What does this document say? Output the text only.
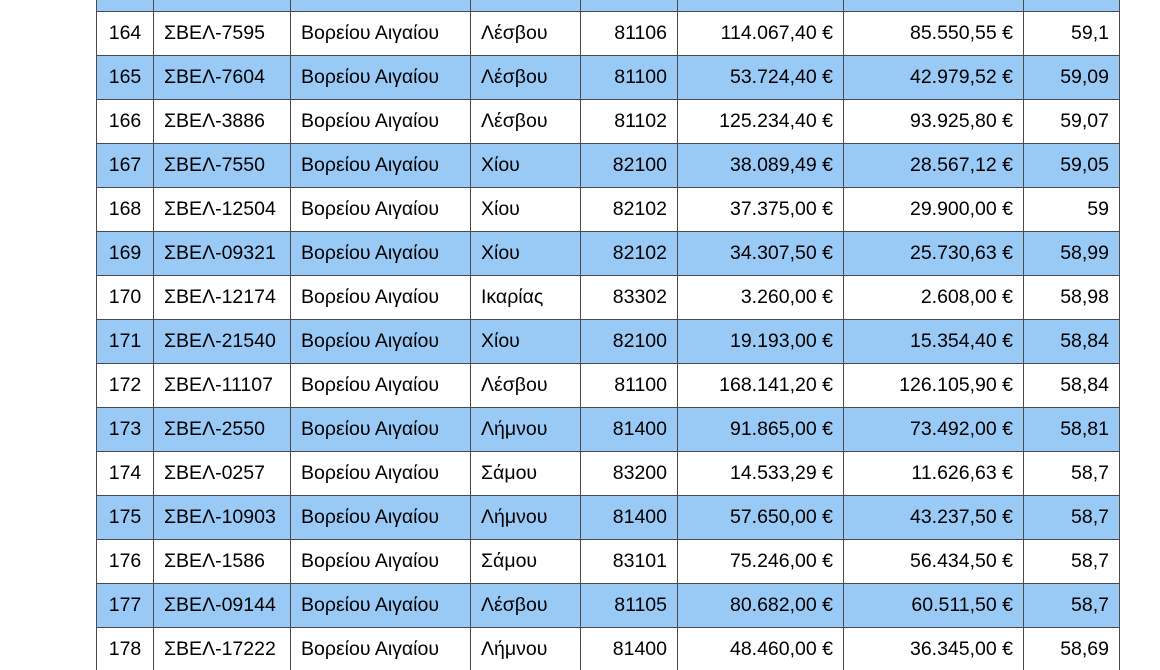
164	ΣΒΕΛ-7595	Βορείου Αιγαίου	Λέσβου	81106	114.067,40 €	85.550,55 €	59,1
165	ΣΒΕΛ-7604	Βορείου Αιγαίου	Λέσβου	81100	53.724,40 €	42.979,52 €	59,09
166	ΣΒΕΛ-3886	Βορείου Αιγαίου	Λέσβου	81102	125.234,40 €	93.925,80 €	59,07
167	ΣΒΕΛ-7550	Βορείου Αιγαίου	Χίου	82100	38.089,49 €	28.567,12 €	59,05
168	ΣΒΕΛ-12504	Βορείου Αιγαίου	Χίου	82102	37.375,00 €	29.900,00 €	59
169	ΣΒΕΛ-09321	Βορείου Αιγαίου	Χίου	82102	34.307,50 €	25.730,63 €	58,99
170	ΣΒΕΛ-12174	Βορείου Αιγαίου	Ικαρίας	83302	3.260,00 €	2.608,00 €	58,98
171	ΣΒΕΛ-21540	Βορείου Αιγαίου	Χίου	82100	19.193,00 €	15.354,40 €	58,84
172	ΣΒΕΛ-11107	Βορείου Αιγαίου	Λέσβου	81100	168.141,20 €	126.105,90 €	58,84
173	ΣΒΕΛ-2550	Βορείου Αιγαίου	Λήμνου	81400	91.865,00 €	73.492,00 €	58,81
174	ΣΒΕΛ-0257	Βορείου Αιγαίου	Σάμου	83200	14.533,29 €	11.626,63 €	58,7
175	ΣΒΕΛ-10903	Βορείου Αιγαίου	Λήμνου	81400	57.650,00 €	43.237,50 €	58,7
176	ΣΒΕΛ-1586	Βορείου Αιγαίου	Σάμου	83101	75.246,00 €	56.434,50 €	58,7
177	ΣΒΕΛ-09144	Βορείου Αιγαίου	Λέσβου	81105	80.682,00 €	60.511,50 €	58,7
178	ΣΒΕΛ-17222	Βορείου Αιγαίου	Λήμνου	81400	48.460,00 €	36.345,00 €	58,69
